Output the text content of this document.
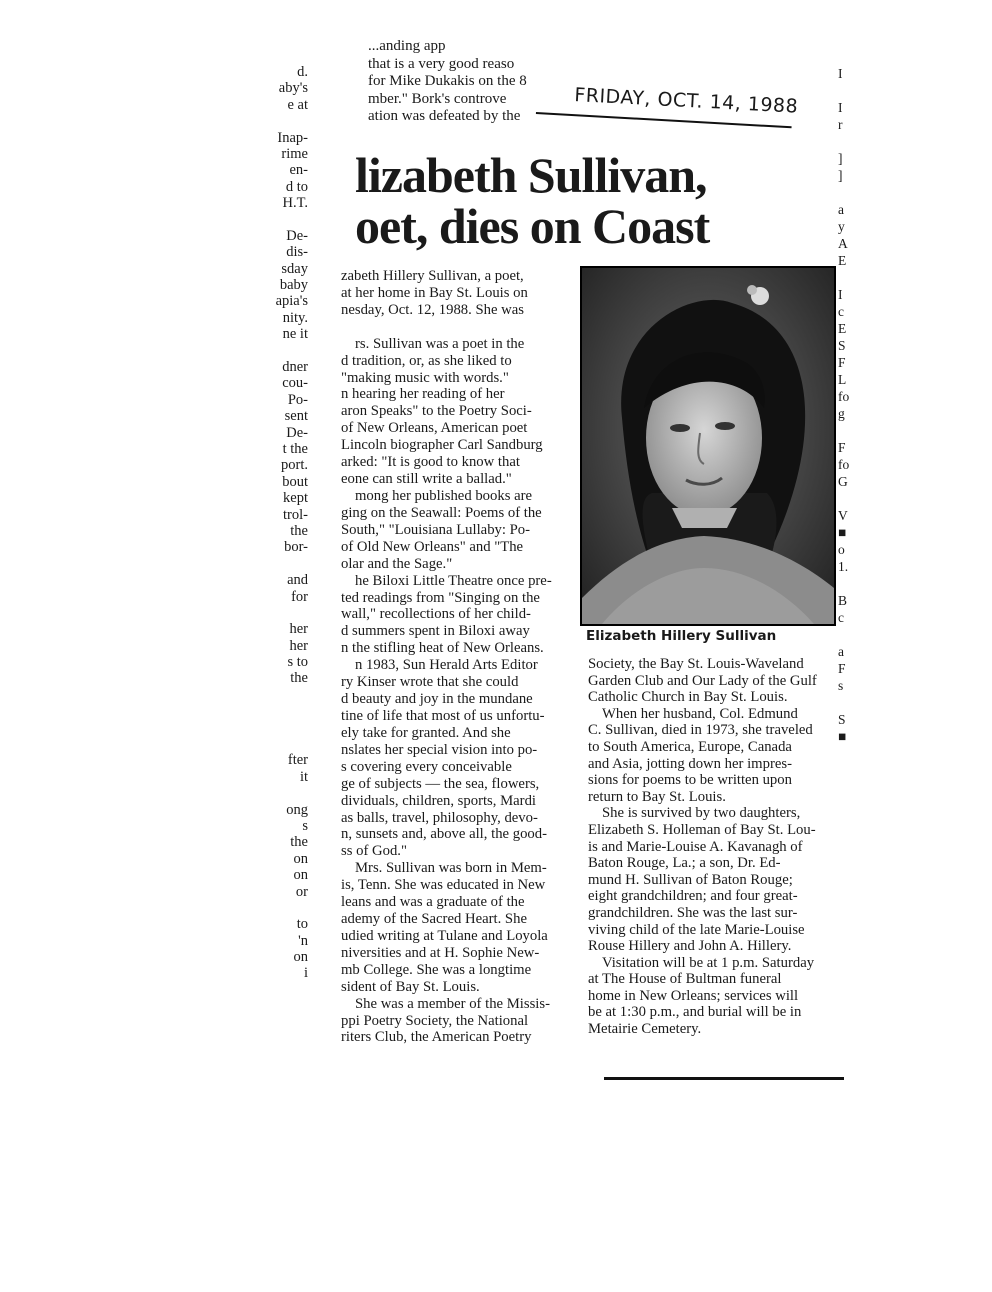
...anding app
that is a very good reaso
for Mike Dukakis on the 8
mber." Bork's controve
ation was defeated by the	FRIDAY, OCT. 14, 1988
d.
aby's
e at
Inap-
rime
en-
d to
H.T.
De-
dis-
sday
baby
apia's
nity.
ne it
dner
cou-
Po-
sent
De-
t the
port.
bout
kept
trol-
the
bor-
and
for
her
her
s to
the
fter
it
ong
s
the
on
on
or
to
'n
on
i
I
I
r
]
]
a
y
A
E
I
c
E
S
F
L
fo
g
F
fo
G
V
■
o
1.
B
c
a
F
s
S
■
lizabeth Sullivan,
oet, dies on Coast
zabeth Hillery Sullivan, a poet,
at her home in Bay St. Louis on
nesday, Oct. 12, 1988. She was
rs. Sullivan was a poet in the
d tradition, or, as she liked to
"making music with words."
n hearing her reading of her
aron Speaks" to the Poetry Soci-
of New Orleans, American poet
Lincoln biographer Carl Sandburg
arked: "It is good to know that
eone can still write a ballad."
mong her published books are
ging on the Seawall: Poems of the
South," "Louisiana Lullaby: Po-
of Old New Orleans" and "The
olar and the Sage."
he Biloxi Little Theatre once pre-
ted readings from "Singing on the
wall," recollections of her child-
d summers spent in Biloxi away
n the stifling heat of New Orleans.
n 1983, Sun Herald Arts Editor
ry Kinser wrote that she could
d beauty and joy in the mundane
tine of life that most of us unfortu-
ely take for granted. And she
nslates her special vision into po-
s covering every conceivable
ge of subjects — the sea, flowers,
dividuals, children, sports, Mardi
as balls, travel, philosophy, devo-
n, sunsets and, above all, the good-
ss of God."
Mrs. Sullivan was born in Mem-
is, Tenn. She was educated in New
leans and was a graduate of the
ademy of the Sacred Heart. She
udied writing at Tulane and Loyola
niversities and at H. Sophie New-
mb College. She was a longtime
sident of Bay St. Louis.
She was a member of the Missis-
ppi Poetry Society, the National
riters Club, the American Poetry
Elizabeth Hillery Sullivan
Society, the Bay St. Louis-Waveland
Garden Club and Our Lady of the Gulf
Catholic Church in Bay St. Louis.
When her husband, Col. Edmund
C. Sullivan, died in 1973, she traveled
to South America, Europe, Canada
and Asia, jotting down her impres-
sions for poems to be written upon
return to Bay St. Louis.
She is survived by two daughters,
Elizabeth S. Holleman of Bay St. Lou-
is and Marie-Louise A. Kavanagh of
Baton Rouge, La.; a son, Dr. Ed-
mund H. Sullivan of Baton Rouge;
eight grandchildren; and four great-
grandchildren. She was the last sur-
viving child of the late Marie-Louise
Rouse Hillery and John A. Hillery.
Visitation will be at 1 p.m. Saturday
at The House of Bultman funeral
home in New Orleans; services will
be at 1:30 p.m., and burial will be in
Metairie Cemetery.
